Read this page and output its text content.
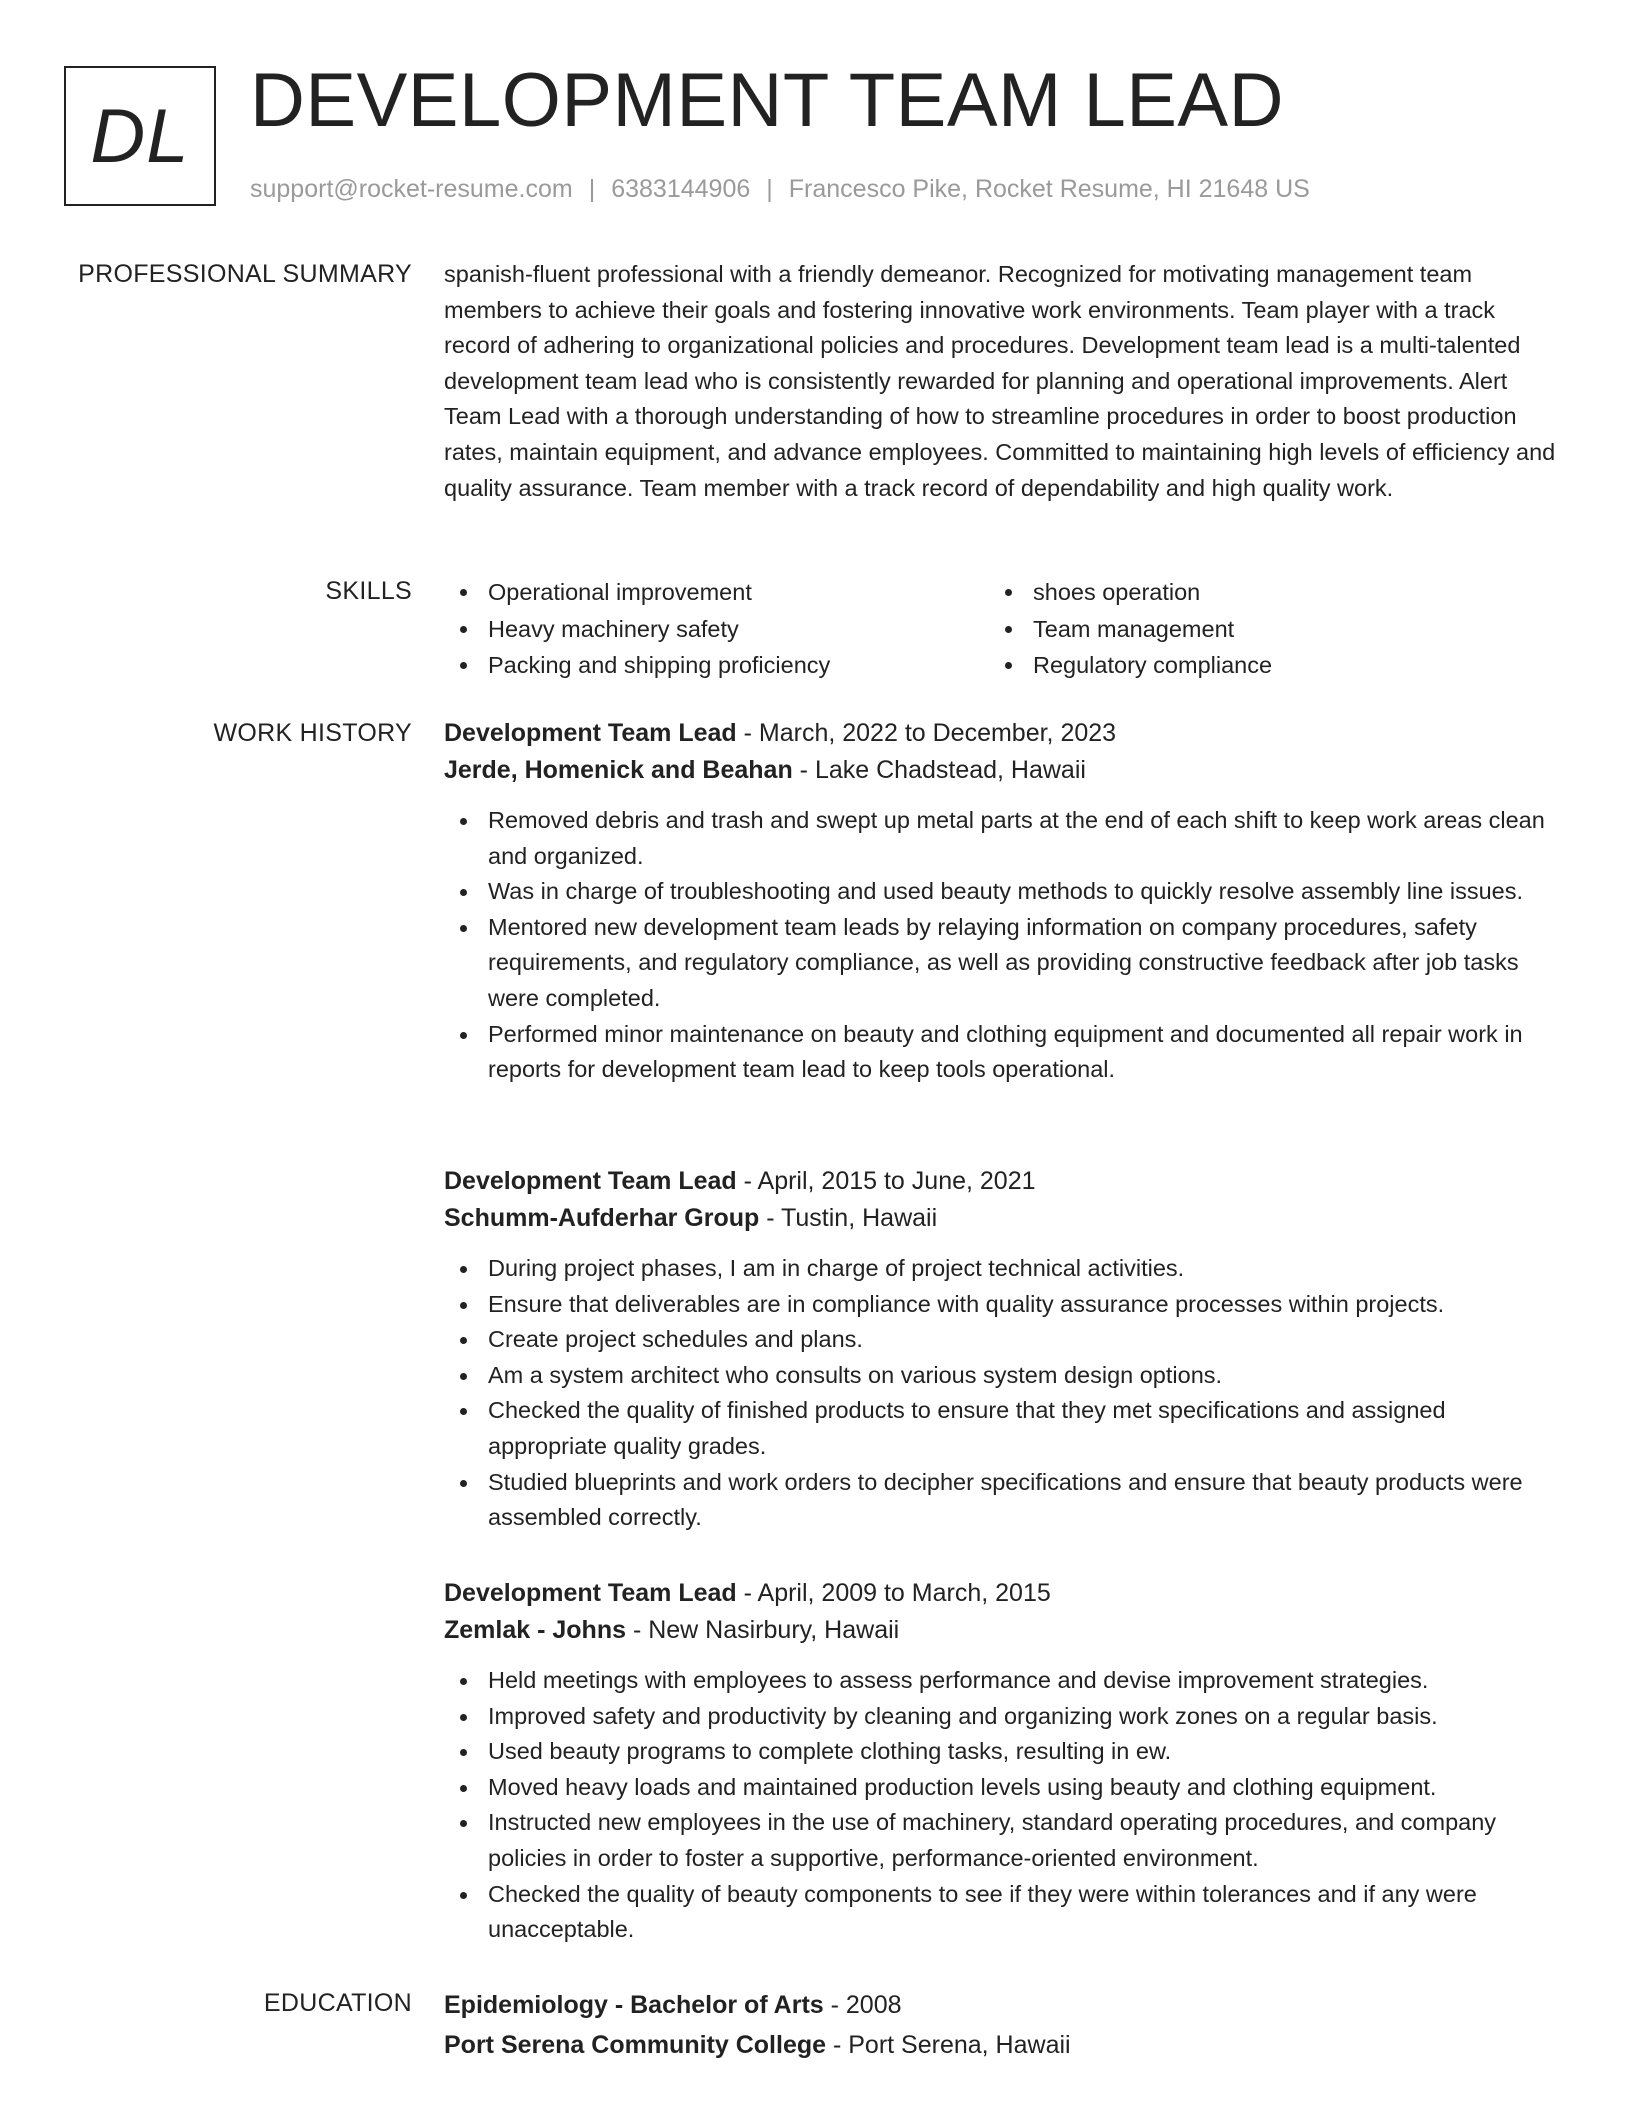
DL DEVELOPMENT TEAM LEAD
support@rocket-resume.com | 6383144906 | Francesco Pike, Rocket Resume, HI 21648 US
PROFESSIONAL SUMMARY spanish-fluent professional with a friendly demeanor. Recognized for motivating management team members to achieve their goals and fostering innovative work environments. Team player with a track record of adhering to organizational policies and procedures. Development team lead is a multi-talented development team lead who is consistently rewarded for planning and operational improvements. Alert Team Lead with a thorough understanding of how to streamline procedures in order to boost production rates, maintain equipment, and advance employees. Committed to maintaining high levels of efficiency and quality assurance. Team member with a track record of dependability and high quality work.

SKILLS	Operational improvement
Heavy machinery safety
Packing and shipping proficiency
shoes operation
Team management
Regulatory compliance
WORK HISTORY Development Team Lead - March, 2022 to December, 2023
Jerde, Homenick and Beahan - Lake Chadstead, Hawaii
Removed debris and trash and swept up metal parts at the end of each shift to keep work areas clean and organized.
Was in charge of troubleshooting and used beauty methods to quickly resolve assembly line issues.
Mentored new development team leads by relaying information on company procedures, safety requirements, and regulatory compliance, as well as providing constructive feedback after job tasks were completed.
Performed minor maintenance on beauty and clothing equipment and documented all repair work in reports for development team lead to keep tools operational.
Development Team Lead - April, 2015 to June, 2021
Schumm-Aufderhar Group - Tustin, Hawaii
During project phases, I am in charge of project technical activities.
Ensure that deliverables are in compliance with quality assurance processes within projects.
Create project schedules and plans.
Am a system architect who consults on various system design options.
Checked the quality of finished products to ensure that they met specifications and assigned appropriate quality grades.
Studied blueprints and work orders to decipher specifications and ensure that beauty products were assembled correctly.
Development Team Lead - April, 2009 to March, 2015
Zemlak - Johns - New Nasirbury, Hawaii
Held meetings with employees to assess performance and devise improvement strategies.
Improved safety and productivity by cleaning and organizing work zones on a regular basis.
Used beauty programs to complete clothing tasks, resulting in ew.
Moved heavy loads and maintained production levels using beauty and clothing equipment.
Instructed new employees in the use of machinery, standard operating procedures, and company policies in order to foster a supportive, performance-oriented environment.
Checked the quality of beauty components to see if they were within tolerances and if any were unacceptable.
EDUCATION Epidemiology - Bachelor of Arts - 2008
Port Serena Community College - Port Serena, Hawaii
